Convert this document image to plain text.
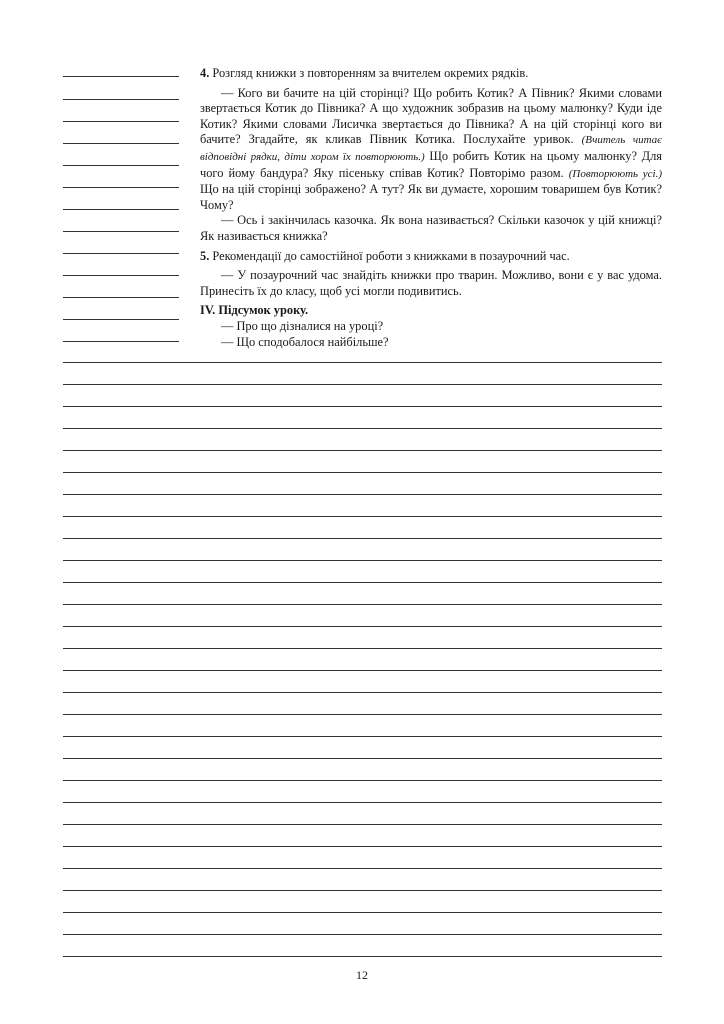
4. Розгляд книжки з повторенням за вчителем окремих рядків.

— Кого ви бачите на цій сторінці? Що робить Котик? А Півник? Якими словами звертається Котик до Півника? А що художник зобразив на цьому малюнку? Куди іде Котик? Якими словами Лисичка звертається до Півника? А на цій сторінці кого ви бачите? Згадайте, як кликав Півник Котика. Послухайте уривок. (Вчитель читає відповідні рядки, діти хором їх повторюють.) Що робить Котик на цьому малюнку? Для чого йому бандура? Яку пісеньку співав Котик? Повторімо разом. (Повторюють усі.) Що на цій сторінці зображено? А тут? Як ви думаєте, хорошим товаришем був Котик? Чому?

— Ось і закінчилась казочка. Як вона називається? Скільки казочок у цій книжці? Як називається книжка?

5. Рекомендації до самостійної роботи з книжками в позаурочний час.

— У позаурочний час знайдіть книжки про тварин. Можливо, вони є у вас удома. Принесіть їх до класу, щоб усі могли подивитись.

IV. Підсумок уроку.

— Про що дізналися на уроці?

— Що сподобалося найбільше?

12
